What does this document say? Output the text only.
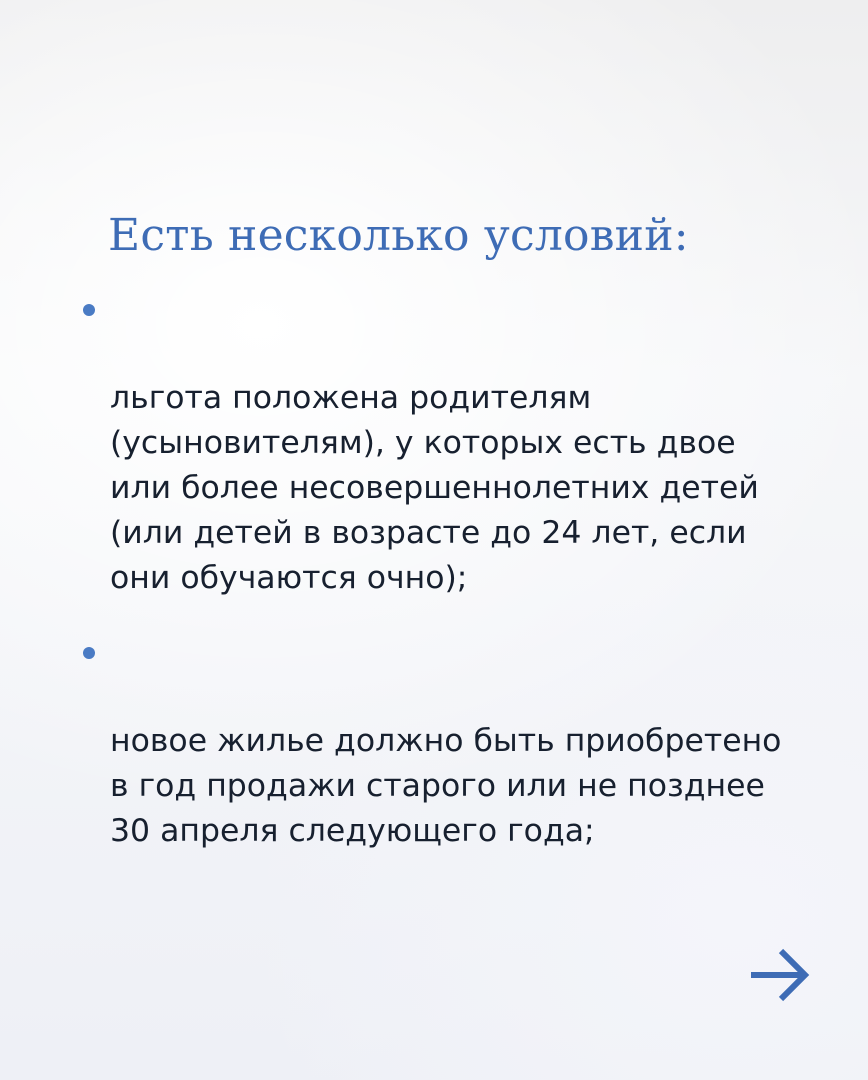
Есть несколько условий:

льгота положена родителям
(усыновителям), у которых есть двое
или более несовершеннолетних детей
(или детей в возрасте до 24 лет, если
они обучаются очно);

новое жилье должно быть приобретено
в год продажи старого или не позднее
30 апреля следующего года;
